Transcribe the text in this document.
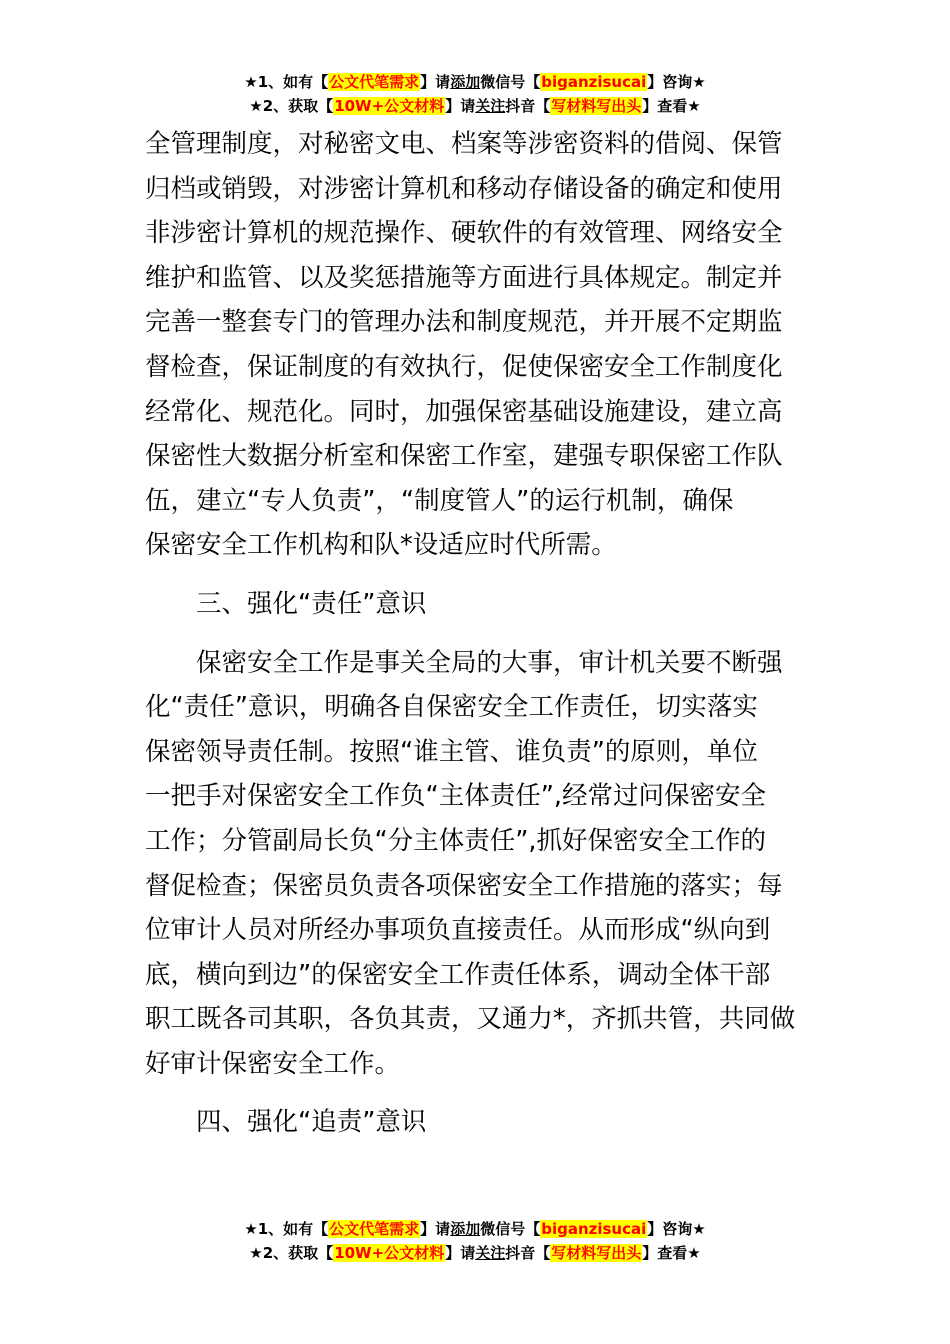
★1、如有【公文代笔需求】请添加微信号【biganzisucai】咨询★
★2、获取【10W+公文材料】请关注抖音【写材料写出头】查看★
全管理制度，对秘密文电、档案等涉密资料的借阅、保管
归档或销毁，对涉密计算机和移动存储设备的确定和使用
非涉密计算机的规范操作、硬软件的有效管理、网络安全
维护和监管、以及奖惩措施等方面进行具体规定。制定并
完善一整套专门的管理办法和制度规范，并开展不定期监
督检查，保证制度的有效执行，促使保密安全工作制度化
经常化、规范化。同时，加强保密基础设施建设，建立高
保密性大数据分析室和保密工作室，建强专职保密工作队
伍，建立“专人负责”，“制度管人”的运行机制，确保
保密安全工作机构和队*设适应时代所需。
三、强化“责任”意识
保密安全工作是事关全局的大事，审计机关要不断强
化“责任”意识，明确各自保密安全工作责任，切实落实
保密领导责任制。按照“谁主管、谁负责”的原则，单位
一把手对保密安全工作负“主体责任”,经常过问保密安全
工作；分管副局长负“分主体责任”,抓好保密安全工作的
督促检查；保密员负责各项保密安全工作措施的落实；每
位审计人员对所经办事项负直接责任。从而形成“纵向到
底，横向到边”的保密安全工作责任体系，调动全体干部
职工既各司其职，各负其责，又通力*，齐抓共管，共同做
好审计保密安全工作。
四、强化“追责”意识
★1、如有【公文代笔需求】请添加微信号【biganzisucai】咨询★
★2、获取【10W+公文材料】请关注抖音【写材料写出头】查看★
